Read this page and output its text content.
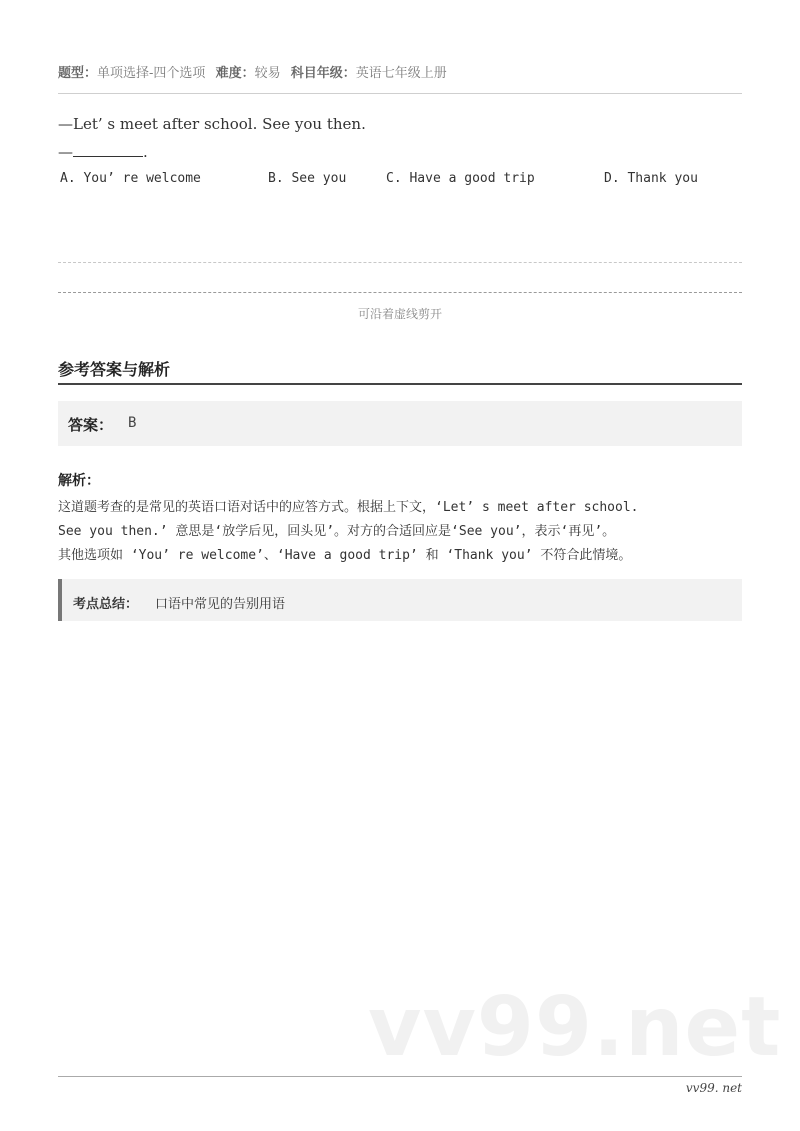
题型：单项选择-四个选项 难度：较易 科目年级：英语七年级上册
—Let’ s meet after school. See you then.
—	.
A. You’ re welcome	B. See you	C. Have a good trip	D. Thank you
可沿着虚线剪开
参考答案与解析
答案： B
解析：
这道题考查的是常见的英语口语对话中的应答方式。根据上下文，‘Let’ s meet after school.
See you then.’ 意思是‘放学后见，回头见’。对方的合适回应是‘See you’，表示‘再见’。
其他选项如 ‘You’ re welcome’、‘Have a good trip’ 和 ‘Thank you’ 不符合此情境。
考点总结： 口语中常见的告别用语
vv99.net
vv99. net
